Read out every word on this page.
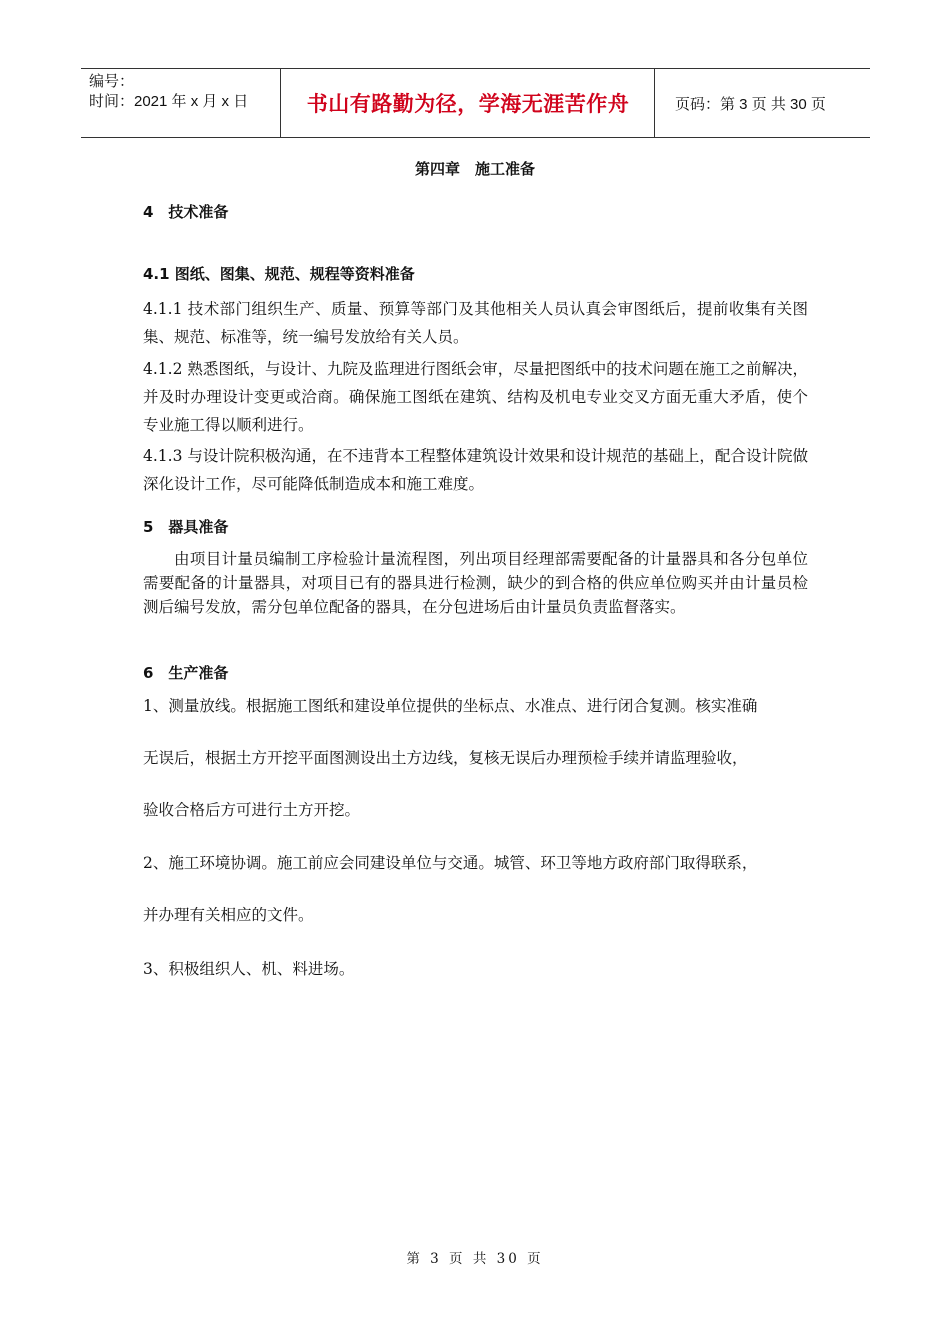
编号：
时间：2021 年 x 月 x 日	书山有路勤为径，学海无涯苦作舟	页码：第 3 页 共 30 页
第四章　施工准备
4　技术准备
4.1 图纸、图集、规范、规程等资料准备
4.1.1 技术部门组织生产、质量、预算等部门及其他相关人员认真会审图纸后，提前收集有关图集、规范、标准等，统一编号发放给有关人员。
4.1.2 熟悉图纸，与设计、九院及监理进行图纸会审，尽量把图纸中的技术问题在施工之前解决，并及时办理设计变更或洽商。确保施工图纸在建筑、结构及机电专业交叉方面无重大矛盾，使个专业施工得以顺利进行。
4.1.3 与设计院积极沟通，在不违背本工程整体建筑设计效果和设计规范的基础上，配合设计院做深化设计工作，尽可能降低制造成本和施工难度。
5　器具准备
由项目计量员编制工序检验计量流程图，列出项目经理部需要配备的计量器具和各分包单位需要配备的计量器具，对项目已有的器具进行检测，缺少的到合格的供应单位购买并由计量员检测后编号发放，需分包单位配备的器具，在分包进场后由计量员负责监督落实。
6　生产准备
1、测量放线。根据施工图纸和建设单位提供的坐标点、水准点、进行闭合复测。核实准确
无误后，根据土方开挖平面图测设出土方边线，复核无误后办理预检手续并请监理验收，
验收合格后方可进行土方开挖。
2、施工环境协调。施工前应会同建设单位与交通。城管、环卫等地方政府部门取得联系，
并办理有关相应的文件。
3、积极组织人、机、料进场。
第 3 页 共 30 页
